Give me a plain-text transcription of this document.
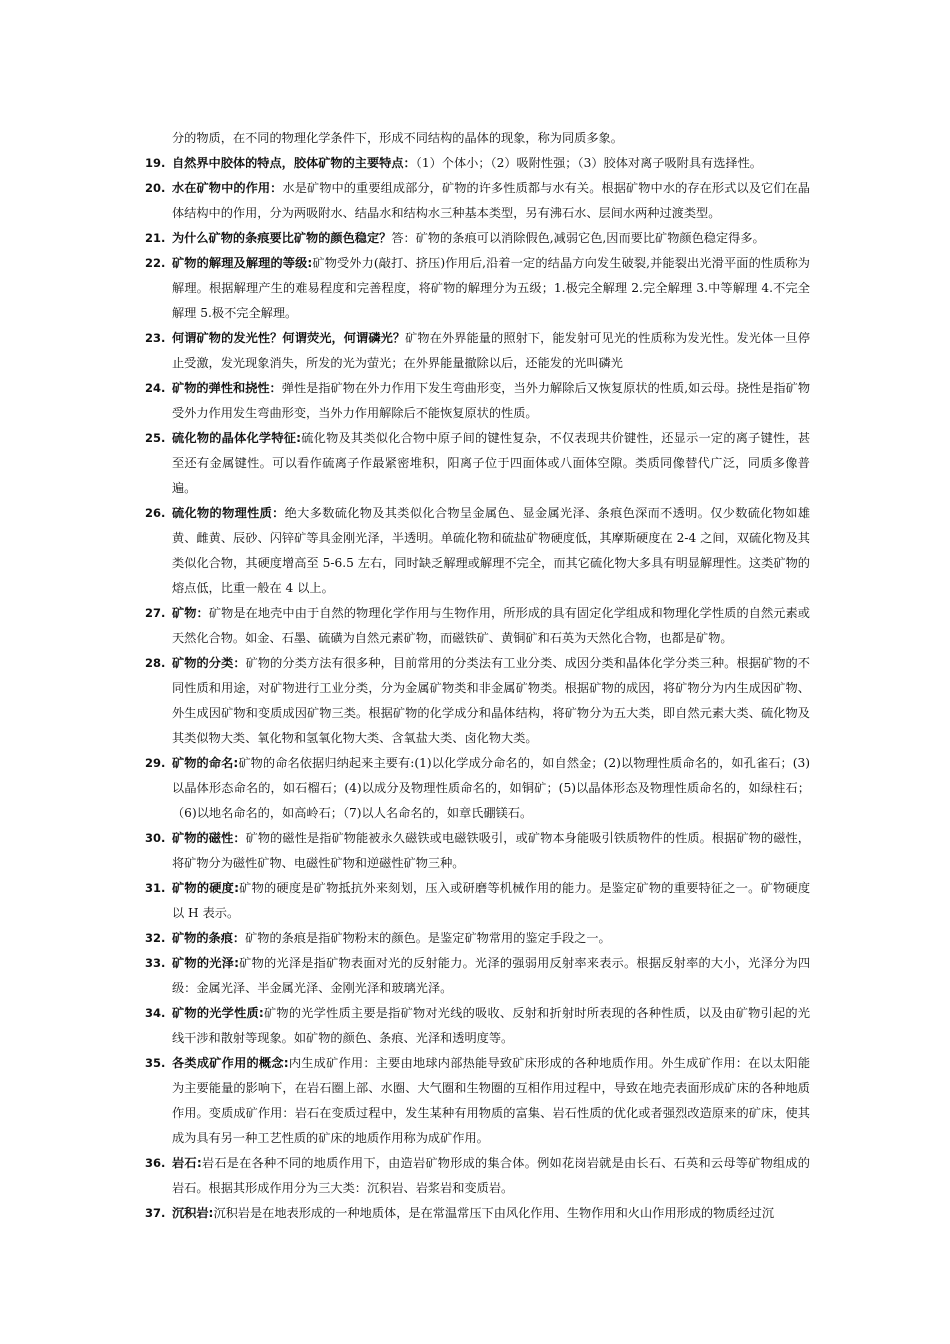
分的物质，在不同的物理化学条件下，形成不同结构的晶体的现象，称为同质多象。
19. 自然界中胶体的特点，胶体矿物的主要特点：（1）个体小；（2）吸附性强；（3）胶体对离子吸附具有选择性。
20. 水在矿物中的作用：水是矿物中的重要组成部分，矿物的许多性质都与水有关。根据矿物中水的存在形式以及它们在晶体结构中的作用，分为两吸附水、结晶水和结构水三种基本类型，另有沸石水、层间水两种过渡类型。
21. 为什么矿物的条痕要比矿物的颜色稳定？答：矿物的条痕可以消除假色,减弱它色,因而要比矿物颜色稳定得多。
22. 矿物的解理及解理的等级:矿物受外力(敲打、挤压)作用后,沿着一定的结晶方向发生破裂,并能裂出光滑平面的性质称为解理。根据解理产生的难易程度和完善程度，将矿物的解理分为五级；1.极完全解理 2.完全解理 3.中等解理 4.不完全解理 5.极不完全解理。
23. 何谓矿物的发光性？何谓荧光，何谓磷光？矿物在外界能量的照射下，能发射可见光的性质称为发光性。发光体一旦停止受激，发光现象消失，所发的光为萤光；在外界能量撤除以后，还能发的光叫磷光
24. 矿物的弹性和挠性：弹性是指矿物在外力作用下发生弯曲形变，当外力解除后又恢复原状的性质,如云母。挠性是指矿物受外力作用发生弯曲形变，当外力作用解除后不能恢复原状的性质。
25. 硫化物的晶体化学特征:硫化物及其类似化合物中原子间的键性复杂，不仅表现共价键性，还显示一定的离子键性，甚至还有金属键性。可以看作硫离子作最紧密堆积，阳离子位于四面体或八面体空隙。类质同像替代广泛，同质多像普遍。
26. 硫化物的物理性质：绝大多数硫化物及其类似化合物呈金属色、显金属光泽、条痕色深而不透明。仅少数硫化物如雄黄、雌黄、辰砂、闪锌矿等具金刚光泽，半透明。单硫化物和硫盐矿物硬度低，其摩斯硬度在 2-4 之间，双硫化物及其类似化合物，其硬度增高至 5-6.5 左右，同时缺乏解理或解理不完全，而其它硫化物大多具有明显解理性。这类矿物的熔点低，比重一般在 4 以上。
27. 矿物：矿物是在地壳中由于自然的物理化学作用与生物作用，所形成的具有固定化学组成和物理化学性质的自然元素或天然化合物。如金、石墨、硫磺为自然元素矿物，而磁铁矿、黄铜矿和石英为天然化合物，也都是矿物。
28. 矿物的分类：矿物的分类方法有很多种，目前常用的分类法有工业分类、成因分类和晶体化学分类三种。根据矿物的不同性质和用途，对矿物进行工业分类，分为金属矿物类和非金属矿物类。根据矿物的成因，将矿物分为内生成因矿物、外生成因矿物和变质成因矿物三类。根据矿物的化学成分和晶体结构，将矿物分为五大类，即自然元素大类、硫化物及其类似物大类、氧化物和氢氧化物大类、含氧盐大类、卤化物大类。
29. 矿物的命名:矿物的命名依据归纳起来主要有:(1)以化学成分命名的，如自然金；(2)以物理性质命名的，如孔雀石；(3)以晶体形态命名的，如石榴石；(4)以成分及物理性质命名的，如铜矿；(5)以晶体形态及物理性质命名的，如绿柱石；（6)以地名命名的，如高岭石；（7)以人名命名的，如章氏硼镁石。
30. 矿物的磁性：矿物的磁性是指矿物能被永久磁铁或电磁铁吸引，或矿物本身能吸引铁质物件的性质。根据矿物的磁性，将矿物分为磁性矿物、电磁性矿物和逆磁性矿物三种。
31. 矿物的硬度:矿物的硬度是矿物抵抗外来刻划，压入或研磨等机械作用的能力。是鉴定矿物的重要特征之一。矿物硬度以 H 表示。
32. 矿物的条痕：矿物的条痕是指矿物粉末的颜色。是鉴定矿物常用的鉴定手段之一。
33. 矿物的光泽:矿物的光泽是指矿物表面对光的反射能力。光泽的强弱用反射率来表示。根据反射率的大小，光泽分为四级：金属光泽、半金属光泽、金刚光泽和玻璃光泽。
34. 矿物的光学性质:矿物的光学性质主要是指矿物对光线的吸收、反射和折射时所表现的各种性质，以及由矿物引起的光线干涉和散射等现象。如矿物的颜色、条痕、光泽和透明度等。
35. 各类成矿作用的概念:内生成矿作用：主要由地球内部热能导致矿床形成的各种地质作用。外生成矿作用：在以太阳能为主要能量的影响下，在岩石圈上部、水圈、大气圈和生物圈的互相作用过程中，导致在地壳表面形成矿床的各种地质作用。变质成矿作用：岩石在变质过程中，发生某种有用物质的富集、岩石性质的优化或者强烈改造原来的矿床，使其成为具有另一种工艺性质的矿床的地质作用称为成矿作用。
36. 岩石:岩石是在各种不同的地质作用下，由造岩矿物形成的集合体。例如花岗岩就是由长石、石英和云母等矿物组成的岩石。根据其形成作用分为三大类：沉积岩、岩浆岩和变质岩。
37. 沉积岩:沉积岩是在地表形成的一种地质体，是在常温常压下由风化作用、生物作用和火山作用形成的物质经过沉
